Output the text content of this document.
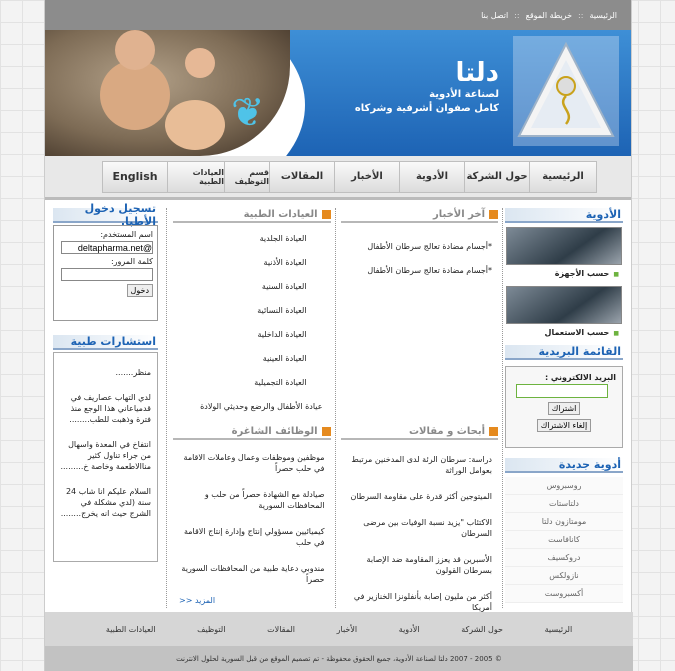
الرئيسية
::
خريطة الموقع
::
اتصل بنا
❦
دلتا
لصناعة الأدوية
كامل صفوان أشرفية وشركاه
الرئيسية
حول الشركة
الأدوية
الأخبار
المقالات
قسم التوظيف
العيادات الطبية
English
الأدوية
■ حسب الأجهزة
■ حسب الاستعمال
القائمة البريدية
البريد الالكتروني :
اشتراك
إلغاء الاشتراك
أدوية جديدة
روسبروس
دلتاستات
مومتازون دلتا
كانافاست
دروكسيف
نازولكس
أكسبروست
آخر الأخبار
*أجسام مضادة تعالج سرطان الأطفال
*أجسام مضادة تعالج سرطان الأطفال
العيادات الطبية
العيادة الجلدية
العيادة الأذنية
العيادة السنية
العيادة النسائية
العيادة الداخلية
العيادة العينية
العيادة التجميلية
عيادة الأطفال والرضع وحديثي الولادة
أبحاث و مقالات
دراسة: سرطان الرئة لدى المدخنين مرتبط بعوامل الوراثة
الميتوجين أكثر قدرة على مقاومة السرطان
الاكتئاب "يزيد نسبة الوفيات بين مرضى السرطان
الأسبرين قد يعزز المقاومة ضد الإصابة بسرطان القولون
أكثر من مليون إصابة بأنفلونزا الخنازير في أمريكا
الوظائف الشاغرة
موظفين وموظفات وعمال وعاملات الاقامة في حلب حصراً
صيادلة مع الشهادة حصراً من حلب و المحافظات السورية
كيميائيين مسؤولي إنتاج وإدارة إنتاج الاقامة في حلب
مندوبي دعاية طبية من المحافظات السورية حصراً
المزيد <<
تسجيل دخول الأطبا.
اسم المستخدم:
@deltapharma.net
كلمة المرور:
دخول
استشارات طبية
منظر.......
لدي التهاب عصاريف في قدمياعاني هذا الوجع منذ فترة وذهبت للطب........
انتفاخ في المعدة واسهال من جراء تناول كثير مناالاطعمة وخاصة خ.........
السلام عليكم انا شاب 24 سنة (لدي مشكلة في الشرج حيث انه يخرج........
الرئيسية
حول الشركة
الأدوية
الأخبار
المقالات
التوظيف
العيادات الطبية
© 2005 - 2007 دلتا لصناعة الأدوية، جميع الحقوق محفوظة - تم تصميم الموقع من قبل السورية لحلول الانترنت
